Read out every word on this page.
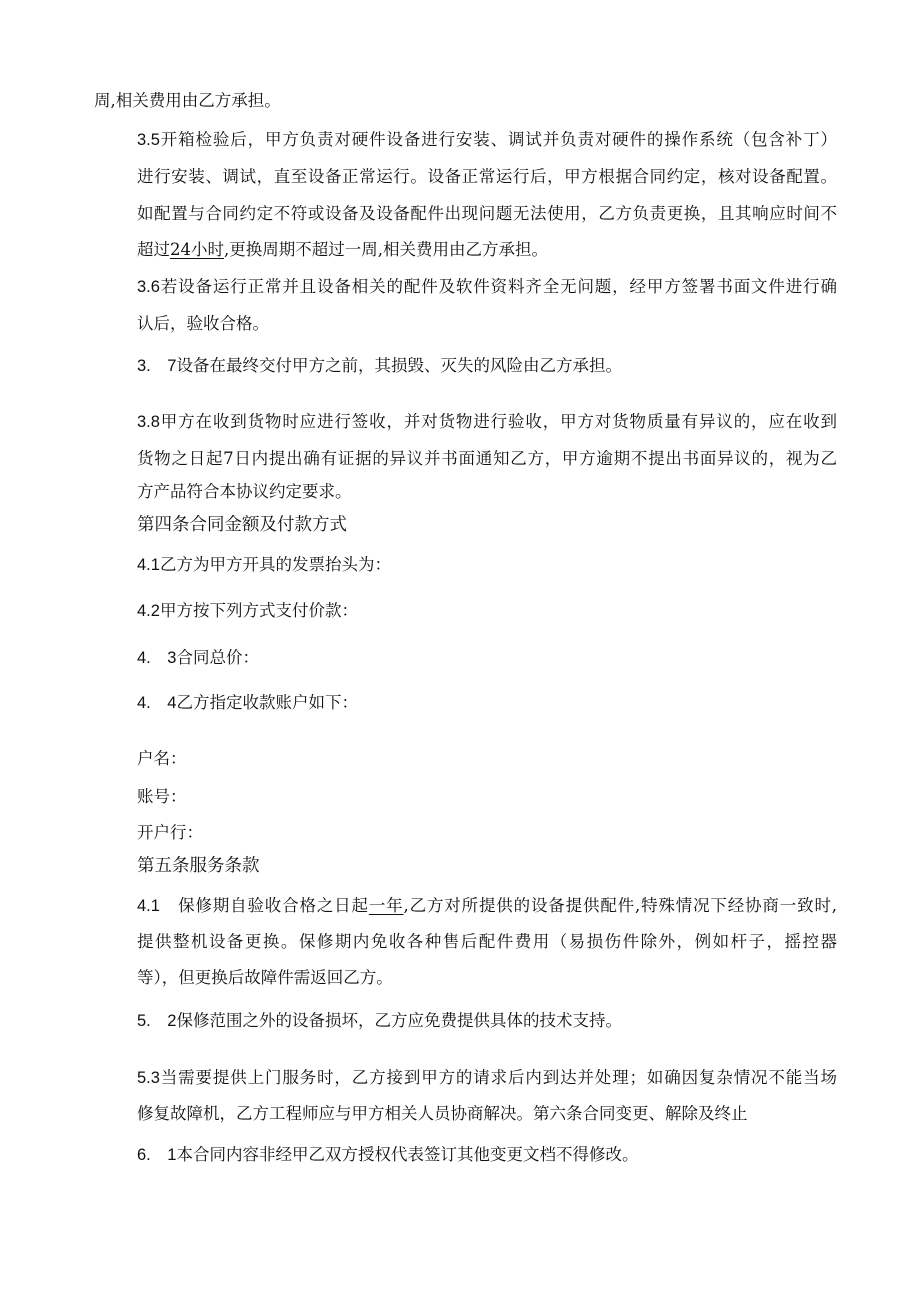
周,相关费用由乙方承担。
3.5开箱检验后，甲方负责对硬件设备进行安装、调试并负责对硬件的操作系统（包含补丁）
进行安装、调试，直至设备正常运行。设备正常运行后，甲方根据合同约定，核对设备配置。
如配置与合同约定不符或设备及设备配件出现问题无法使用，乙方负责更换，且其响应时间不
超过24小时,更换周期不超过一周,相关费用由乙方承担。
3.6若设备运行正常并且设备相关的配件及软件资料齐全无问题，经甲方签署书面文件进行确
认后，验收合格。
3.　7设备在最终交付甲方之前，其损毁、灭失的风险由乙方承担。
3.8甲方在收到货物时应进行签收，并对货物进行验收，甲方对货物质量有异议的，应在收到
货物之日起7日内提出确有证据的异议并书面通知乙方，甲方逾期不提出书面异议的，视为乙
方产品符合本协议约定要求。
第四条合同金额及付款方式
4.1乙方为甲方开具的发票抬头为：
4.2甲方按下列方式支付价款：
4.　3合同总价：
4.　4乙方指定收款账户如下：
户名：
账号：
开户行：
第五条服务条款
4.1　 保修期自验收合格之日起一年,乙方对所提供的设备提供配件,特殊情况下经协商一致时,
提供整机设备更换。保修期内免收各种售后配件费用（易损伤件除外，例如杆子，摇控器
等），但更换后故障件需返回乙方。
5.　2保修范围之外的设备损坏，乙方应免费提供具体的技术支持。
5.3当需要提供上门服务时，乙方接到甲方的请求后内到达并处理；如确因复杂情况不能当场
修复故障机，乙方工程师应与甲方相关人员协商解决。第六条合同变更、解除及终止
6.　1本合同内容非经甲乙双方授权代表签订其他变更文档不得修改。
